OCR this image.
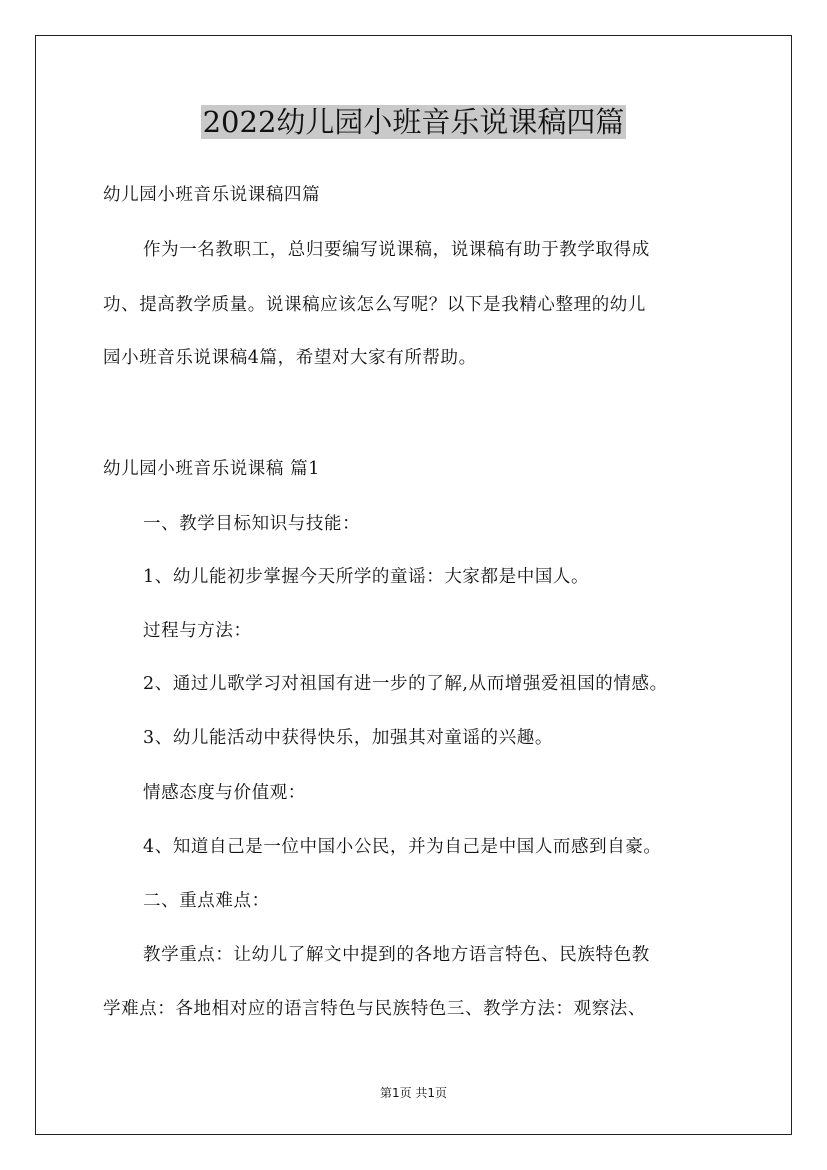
2022幼儿园小班音乐说课稿四篇
幼儿园小班音乐说课稿四篇
作为一名教职工，总归要编写说课稿，说课稿有助于教学取得成
功、提高教学质量。说课稿应该怎么写呢？以下是我精心整理的幼儿
园小班音乐说课稿4篇，希望对大家有所帮助。
幼儿园小班音乐说课稿 篇1
一、教学目标知识与技能：
1、幼儿能初步掌握今天所学的童谣：大家都是中国人。
过程与方法：
2、通过儿歌学习对祖国有进一步的了解,从而增强爱祖国的情感。
3、幼儿能活动中获得快乐，加强其对童谣的兴趣。
情感态度与价值观：
4、知道自己是一位中国小公民，并为自己是中国人而感到自豪。
二、重点难点：
教学重点：让幼儿了解文中提到的各地方语言特色、民族特色教
学难点：各地相对应的语言特色与民族特色三、教学方法：观察法、
第1页 共1页
